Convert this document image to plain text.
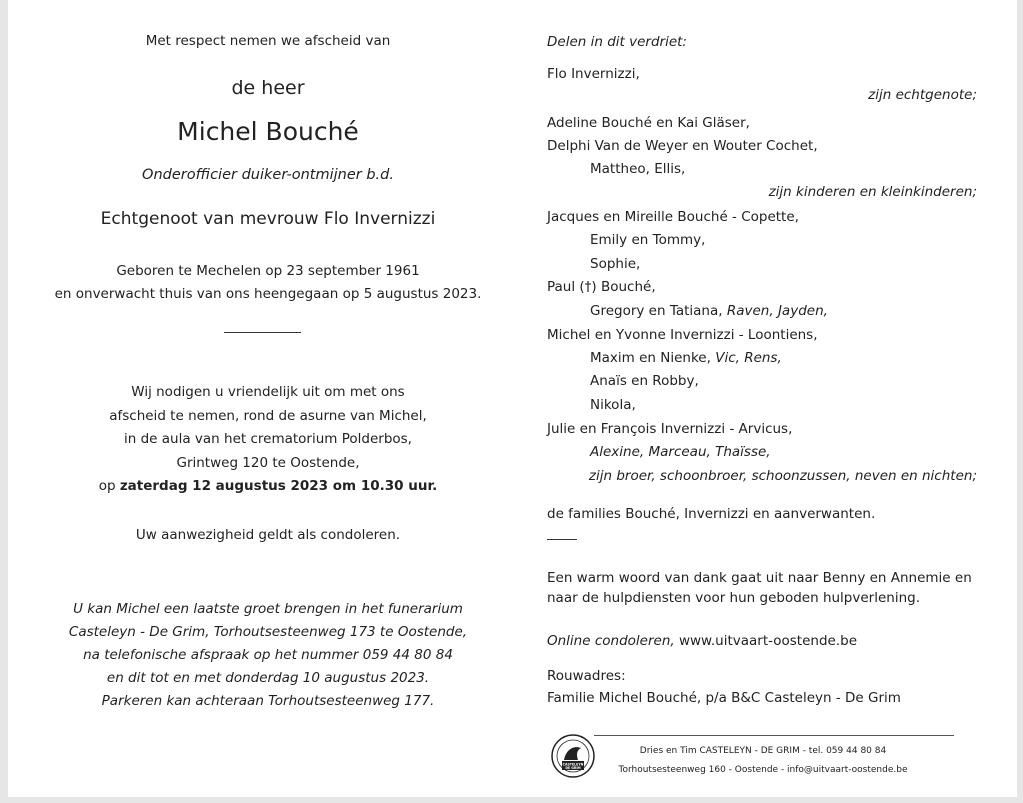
Met respect nemen we afscheid van
de heer
Michel Bouché
Onderofficier duiker-ontmijner b.d.
Echtgenoot van mevrouw Flo Invernizzi
Geboren te Mechelen op 23 september 1961
en onverwacht thuis van ons heengegaan op 5 augustus 2023.
Wij nodigen u vriendelijk uit om met ons
afscheid te nemen, rond de asurne van Michel,
in de aula van het crematorium Polderbos,
Grintweg 120 te Oostende,
op zaterdag 12 augustus 2023 om 10.30 uur.
Uw aanwezigheid geldt als condoleren.
U kan Michel een laatste groet brengen in het funerarium
Casteleyn - De Grim, Torhoutsesteenweg 173 te Oostende,
na telefonische afspraak op het nummer 059 44 80 84
en dit tot en met donderdag 10 augustus 2023.
Parkeren kan achteraan Torhoutsesteenweg 177.
Delen in dit verdriet:
Flo Invernizzi,
zijn echtgenote;
Adeline Bouché en Kai Gläser,
Delphi Van de Weyer en Wouter Cochet,
Mattheo, Ellis,
zijn kinderen en kleinkinderen;
Jacques en Mireille Bouché - Copette,
Emily en Tommy,
Sophie,
Paul (†) Bouché,
Gregory en Tatiana, Raven, Jayden,
Michel en Yvonne Invernizzi - Loontiens,
Maxim en Nienke, Vic, Rens,
Anaïs en Robby,
Nikola,
Julie en François Invernizzi - Arvicus,
Alexine, Marceau, Thaïsse,
zijn broer, schoonbroer, schoonzussen, neven en nichten;
de families Bouché, Invernizzi en aanverwanten.
Een warm woord van dank gaat uit naar Benny en Annemie en
naar de hulpdiensten voor hun geboden hulpverlening.
Online condoleren, www.uitvaart-oostende.be
Rouwadres:
Familie Michel Bouché, p/a B&C Casteleyn - De Grim
CASTELEYN
DE GRIM
Dries en Tim CASTELEYN - DE GRIM - tel. 059 44 80 84
Torhoutsesteenweg 160 - Oostende - info@uitvaart-oostende.be
